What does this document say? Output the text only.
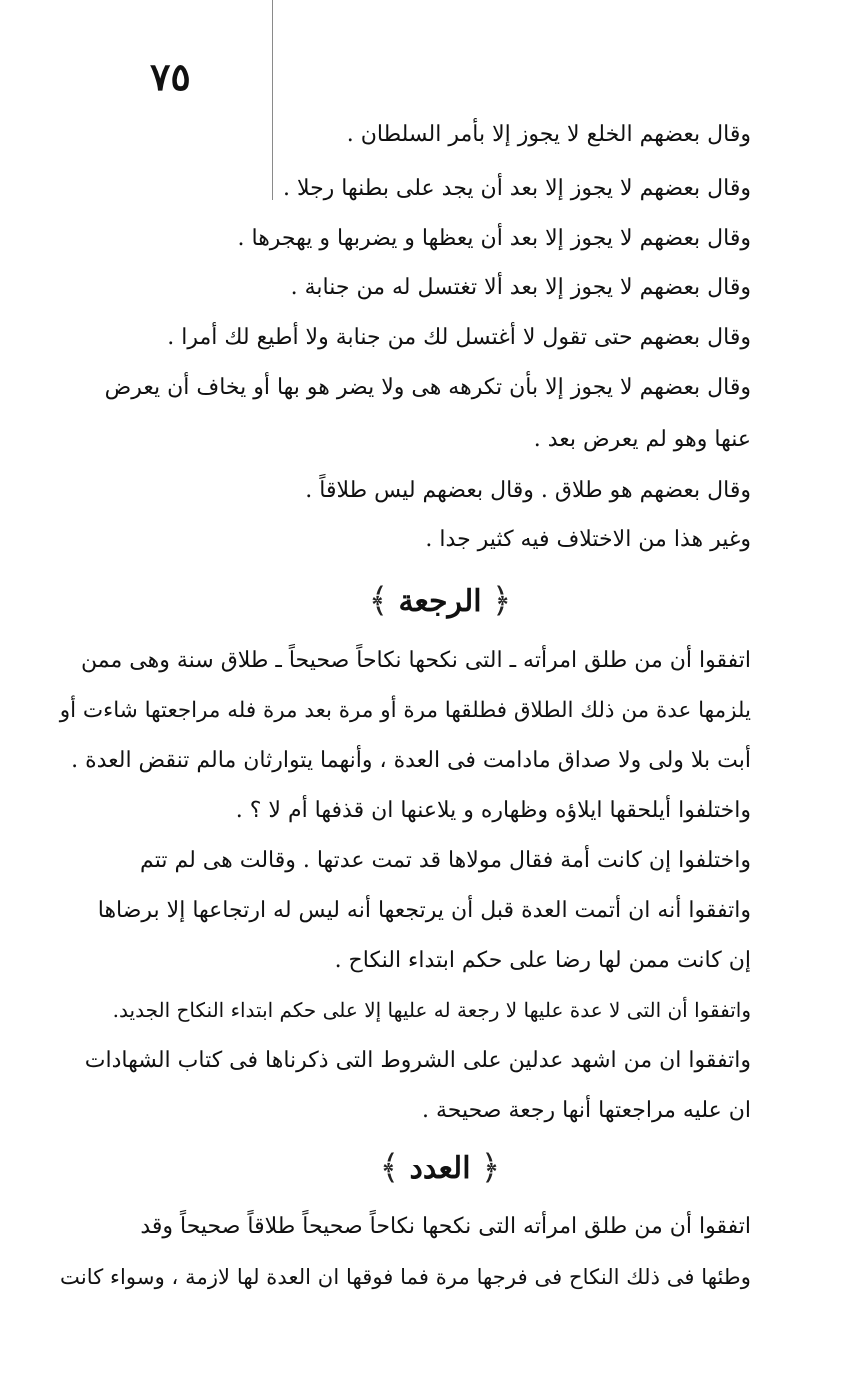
٧٥
وقال بعضهم الخلع لا يجوز إلا بأمر السلطان .
وقال بعضهم لا يجوز إلا بعد أن يجد على بطنها رجلا .
وقال بعضهم لا يجوز إلا بعد أن يعظها و يضربها و يهجرها .
وقال بعضهم لا يجوز إلا بعد ألا تغتسل له من جنابة .
وقال بعضهم حتى تقول لا أغتسل لك من جنابة ولا أطيع لك أمرا .
وقال بعضهم لا يجوز إلا بأن تكرهه هى ولا يضر هو بها أو يخاف أن يعرض
عنها وهو لم يعرض بعد .
وقال بعضهم هو طلاق . وقال بعضهم ليس طلاقاً .
وغير هذا من الاختلاف فيه كثير جدا .
﴿
الرجعة
﴾
اتفقوا أن من طلق امرأته ـ التى نكحها نكاحاً صحيحاً ـ طلاق سنة وهى ممن
يلزمها عدة من ذلك الطلاق فطلقها مرة أو مرة بعد مرة فله مراجعتها شاءت أو
أبت بلا ولى ولا صداق مادامت فى العدة ، وأنهما يتوارثان مالم تنقض العدة .
واختلفوا أيلحقها ايلاؤه وظهاره و يلاعنها ان قذفها أم لا ؟ .
واختلفوا إن كانت أمة فقال مولاها قد تمت عدتها . وقالت هى لم تتم
واتفقوا أنه ان أتمت العدة قبل أن يرتجعها أنه ليس له ارتجاعها إلا برضاها
إن كانت ممن لها رضا على حكم ابتداء النكاح .
واتفقوا أن التى لا عدة عليها لا رجعة له عليها إلا على حكم ابتداء النكاح الجديد.
واتفقوا ان من اشهد عدلين على الشروط التى ذكرناها فى كتاب الشهادات
ان عليه مراجعتها أنها رجعة صحيحة .
﴿
العدد
﴾
اتفقوا أن من طلق امرأته التى نكحها نكاحاً صحيحاً طلاقاً صحيحاً وقد
وطئها فى ذلك النكاح فى فرجها مرة فما فوقها ان العدة لها لازمة ، وسواء كانت
